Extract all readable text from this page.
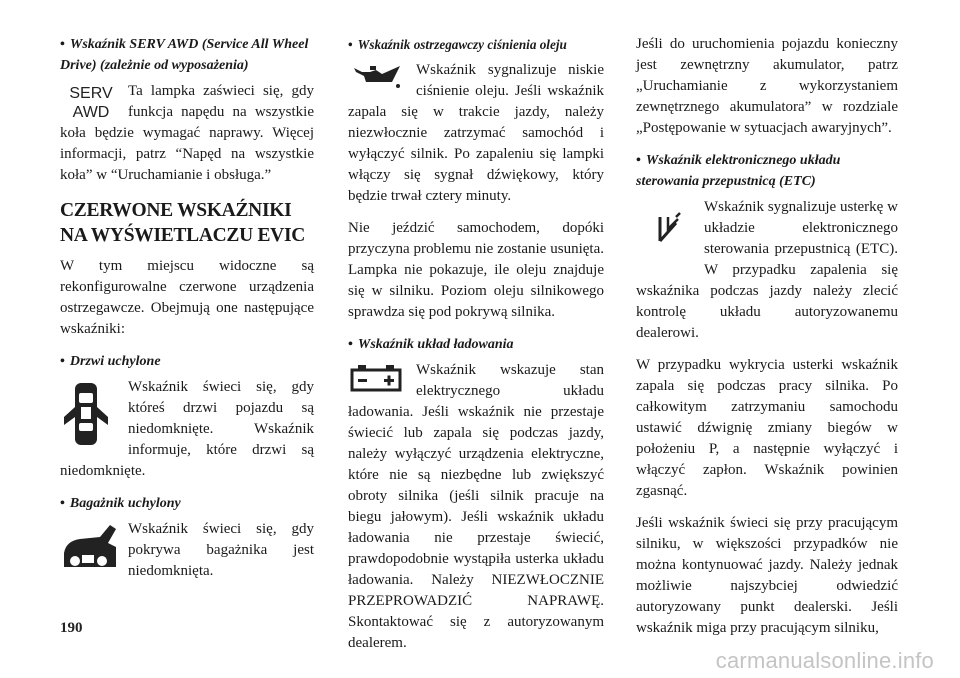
• Wskaźnik SERV AWD (Service All Wheel Drive) (zależnie od wyposażenia)
SERV
AWD

Ta lampka zaświeci się, gdy funkcja napędu na wszystkie koła będzie wymagać naprawy. Więcej informacji, patrz “Napęd na wszystkie koła” w “Uruchamianie i obsługa.”

CZERWONE WSKAŹNIKI
NA WYŚWIETLACZU EVIC

W tym miejscu widoczne są rekonfigurowalne czerwone urządzenia ostrzegawcze. Obejmują one następujące wskaźniki:

• Drzwi uchylone

Wskaźnik świeci się, gdy któreś drzwi pojazdu są niedomknięte. Wskaźnik informuje, które drzwi są niedomknięte.

• Bagażnik uchylony

Wskaźnik świeci się, gdy pokrywa bagażnika jest niedomknięta.

• Wskaźnik ostrzegawczy ciśnienia oleju

Wskaźnik sygnalizuje niskie ciśnienie oleju. Jeśli wskaźnik zapala się w trakcie jazdy, należy niezwłocznie zatrzymać samochód i wyłączyć silnik. Po zapaleniu się lampki włączy się sygnał dźwiękowy, który będzie trwał cztery minuty.

Nie jeździć samochodem, dopóki przyczyna problemu nie zostanie usunięta. Lampka nie pokazuje, ile oleju znajduje się w silniku. Poziom oleju silnikowego sprawdza się pod pokrywą silnika.

• Wskaźnik układ ładowania

Wskaźnik wskazuje stan elektrycznego układu ładowania. Jeśli wskaźnik nie przestaje świecić lub zapala się podczas jazdy, należy wyłączyć urządzenia elektryczne, które nie są niezbędne lub zwiększyć obroty silnika (jeśli silnik pracuje na biegu jałowym). Jeśli wskaźnik układu ładowania nie przestaje świecić, prawdopodobnie wystąpiła usterka układu ładowania. Należy NIEZWŁOCZNIE PRZEPROWADZIĆ NAPRAWĘ. Skontaktować się z autoryzowanym dealerem.

Jeśli do uruchomienia pojazdu konieczny jest zewnętrzny akumulator, patrz „Uruchamianie z wykorzystaniem zewnętrznego akumulatora” w rozdziale „Postępowanie w sytuacjach awaryjnych”.

• Wskaźnik elektronicznego układu sterowania przepustnicą (ETC)

Wskaźnik sygnalizuje usterkę w układzie elektronicznego sterowania przepustnicą (ETC). W przypadku zapalenia się wskaźnika podczas jazdy należy zlecić kontrolę układu autoryzowanemu dealerowi.

W przypadku wykrycia usterki wskaźnik zapala się podczas pracy silnika. Po całkowitym zatrzymaniu samochodu ustawić dźwignię zmiany biegów w położeniu P, a następnie wyłączyć i włączyć zapłon. Wskaźnik powinien zgasnąć.

Jeśli wskaźnik świeci się przy pracującym silniku, w większości przypadków nie można kontynuować jazdy. Należy jednak możliwie najszybciej odwiedzić autoryzowany punkt dealerski. Jeśli wskaźnik miga przy pracującym silniku,

190
carmanualsonline.info
